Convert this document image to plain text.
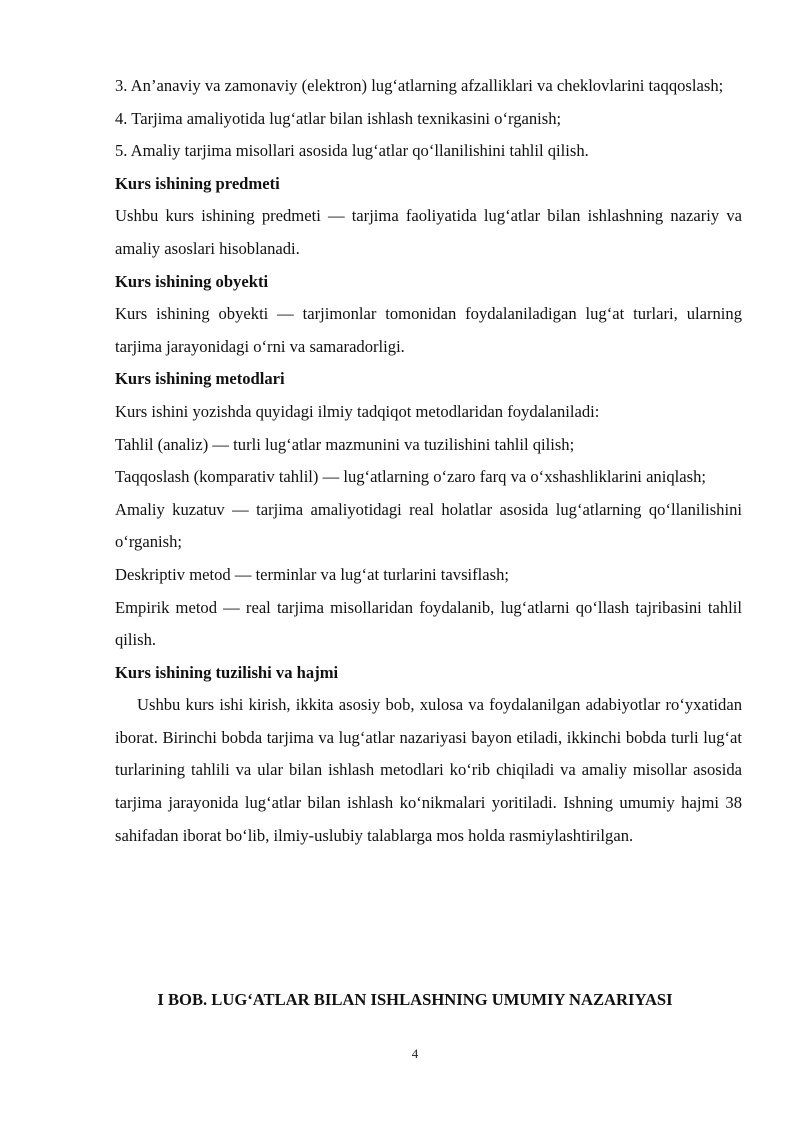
3. An’anaviy va zamonaviy (elektron) lug‘atlarning afzalliklari va cheklovlarini taqqoslash;

4. Tarjima amaliyotida lug‘atlar bilan ishlash texnikasini o‘rganish;

5. Amaliy tarjima misollari asosida lug‘atlar qo‘llanilishini tahlil qilish.

Kurs ishining predmeti

Ushbu kurs ishining predmeti — tarjima faoliyatida lug‘atlar bilan ishlashning nazariy va amaliy asoslari hisoblanadi.

Kurs ishining obyekti

Kurs ishining obyekti — tarjimonlar tomonidan foydalaniladigan lug‘at turlari, ularning tarjima jarayonidagi o‘rni va samaradorligi.

Kurs ishining metodlari

Kurs ishini yozishda quyidagi ilmiy tadqiqot metodlaridan foydalaniladi:

Tahlil (analiz) — turli lug‘atlar mazmunini va tuzilishini tahlil qilish;

Taqqoslash (komparativ tahlil) — lug‘atlarning o‘zaro farq va o‘xshashliklarini aniqlash;

Amaliy kuzatuv — tarjima amaliyotidagi real holatlar asosida lug‘atlarning qo‘llanilishini o‘rganish;

Deskriptiv metod — terminlar va lug‘at turlarini tavsiflash;

Empirik metod — real tarjima misollaridan foydalanib, lug‘atlarni qo‘llash tajribasini tahlil qilish.

Kurs ishining tuzilishi va hajmi

Ushbu kurs ishi kirish, ikkita asosiy bob, xulosa va foydalanilgan adabiyotlar ro‘yxatidan iborat. Birinchi bobda tarjima va lug‘atlar nazariyasi bayon etiladi, ikkinchi bobda turli lug‘at turlarining tahlili va ular bilan ishlash metodlari ko‘rib chiqiladi va amaliy misollar asosida tarjima jarayonida lug‘atlar bilan ishlash ko‘nikmalari yoritiladi. Ishning umumiy hajmi 38 sahifadan iborat bo‘lib, ilmiy-uslubiy talablarga mos holda rasmiylashtirilgan.

I BOB. LUG‘ATLAR BILAN ISHLASHNING UMUMIY NAZARIYASI
4
